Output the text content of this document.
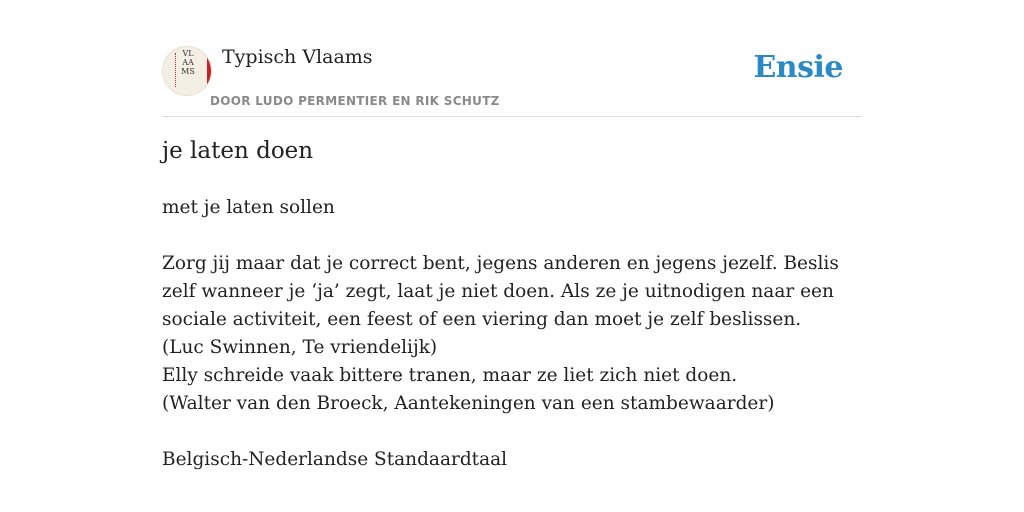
VLAAMS
Typisch Vlaams
DOOR LUDO PERMENTIER EN RIK SCHUTZ
Ensie
je laten doen

met je laten sollen

Zorg jij maar dat je correct bent, jegens anderen en jegens jezelf. Beslis zelf wanneer je ‘ja’ zegt, laat je niet doen. Als ze je uitnodigen naar een sociale activiteit, een feest of een viering dan moet je zelf beslissen.

(Luc Swinnen, Te vriendelijk)

Elly schreide vaak bittere tranen, maar ze liet zich niet doen.

(Walter van den Broeck, Aantekeningen van een stambewaarder)

Belgisch-Nederlandse Standaardtaal
